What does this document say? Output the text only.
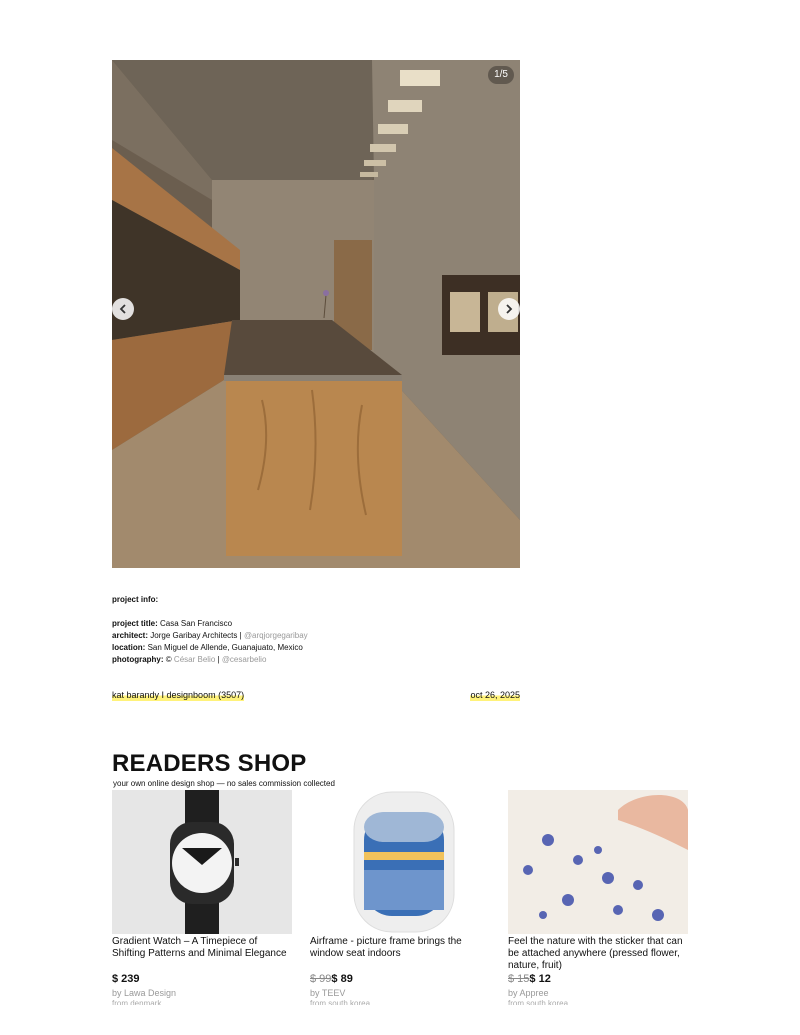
1/5
project info:
project title: Casa San Francisco
architect: Jorge Garibay Architects | @arqjorgegaribay
location: San Miguel de Allende, Guanajuato, Mexico
photography: © César Belio | @cesarbelio
kat barandy I designboom (3507)	oct 26, 2025
READERS SHOP
your own online design shop — no sales commission collected
Gradient Watch – A Timepiece of Shifting Patterns and Minimal Elegance
$ 239
by Lawa Design
from denmark
Airframe - picture frame brings the window seat indoors
$ 99$ 89
by TEEV
from south korea
Feel the nature with the sticker that can be attached anywhere (pressed flower, nature, fruit)
$ 15$ 12
by Appree
from south korea
